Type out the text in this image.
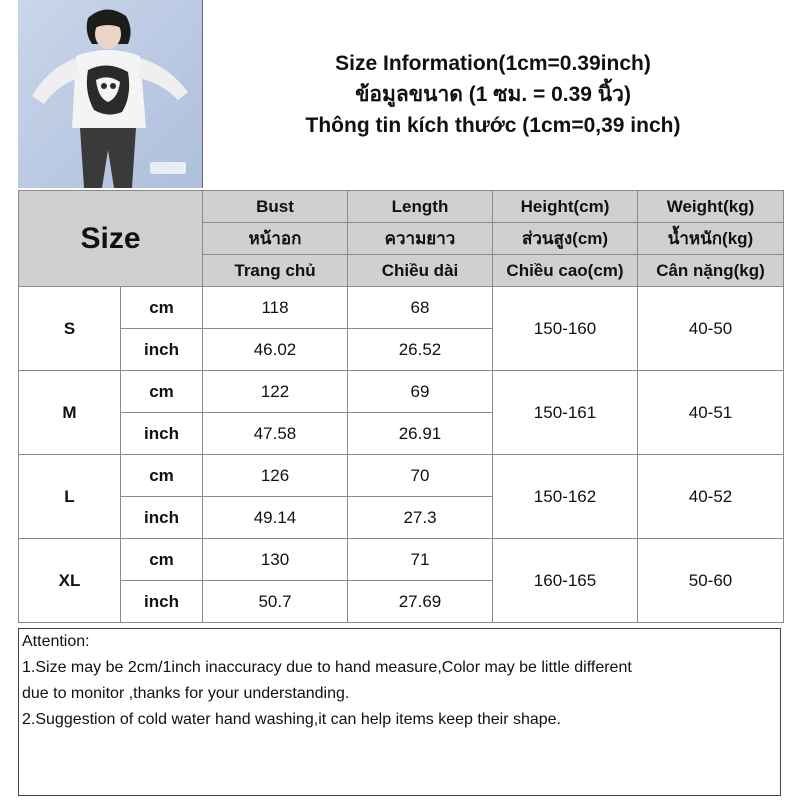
Size Information(1cm=0.39inch)
ข้อมูลขนาด (1 ซม. = 0.39 นิ้ว)
Thông tin kích thước (1cm=0,39 inch)
Size		Bust	Length	Height(cm)	Weight(kg)
		หน้าอก	ความยาว	ส่วนสูง(cm)	น้ำหนัก(kg)
		Trang chủ	Chiều dài	Chiều cao(cm)	Cân nặng(kg)
S	cm	118	68	150-160	40-50
	inch	46.02	26.52		
M	cm	122	69	150-161	40-51
	inch	47.58	26.91		
L	cm	126	70	150-162	40-52
	inch	49.14	27.3		
XL	cm	130	71	160-165	50-60
	inch	50.7	27.69		
Attention:
1.Size may be 2cm/1inch inaccuracy due to hand measure,Color may be little different
due to monitor ,thanks for your understanding.
2.Suggestion of cold water hand washing,it can help items keep their shape.
